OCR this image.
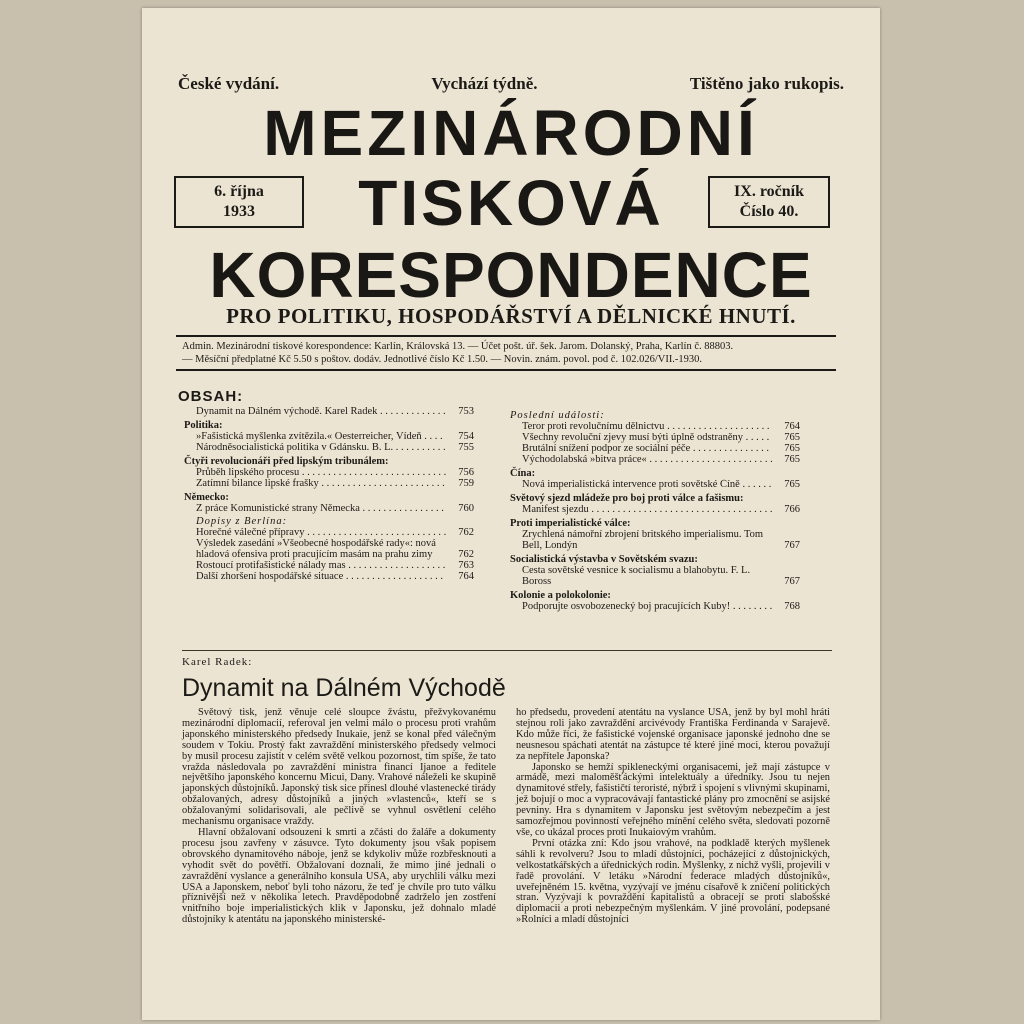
České vydání.	Vychází týdně.	Tištěno jako rukopis.
MEZINÁRODNÍ
TISKOVÁ
KORESPONDENCE
6. října
1933
IX. ročník
Číslo 40.
PRO POLITIKU, HOSPODÁŘSTVÍ A DĚLNICKÉ HNUTÍ.
Admin. Mezinárodní tiskové korespondence: Karlín, Královská 13. — Účet pošt. úř. šek. Jarom. Dolanský, Praha, Karlín č. 88803.
— Měsíční předplatné Kč 5.50 s poštov. dodáv. Jednotlivé číslo Kč 1.50. — Novin. znám. povol. pod č. 102.026/VII.-1930.
OBSAH:
Dynamit na Dálném východě. Karel Radek . . .	753
Politika:
»Fašistická myšlenka zvítězila.« Oesterreicher, Vídeň . . .	754
Národněsocialistická politika v Gdánsku. B. L. . . .	755
Čtyři revolucionáři před lipským tribunálem:
Průběh lipského procesu . . .	756
Zatímní bilance lipské frašky . . .	759
Německo:
Z práce Komunistické strany Německa . . .	760
Dopisy z Berlína:
Horečné válečné přípravy . . .	762
Výsledek zasedání »Všeobecné hospodářské rady«: nová hladová ofensiva proti pracujícím masám na prahu zimy	762
Rostoucí protifašistické nálady mas . . .	763
Další zhoršení hospodářské situace . . .	764
Poslední události:
Teror proti revolučnímu dělnictvu . . .	764
Všechny revoluční zjevy musí býti úplně odstraněny . . .	765
Brutální snížení podpor ze sociální péče . . .	765
Východolabská »bitva práce« . . .	765
Čína:
Nová imperialistická intervence proti sovětské Číně . . .	765
Světový sjezd mládeže pro boj proti válce a fašismu:
Manifest sjezdu . . .	766
Proti imperialistické válce:
Zrychlená námořní zbrojení britského imperialismu. Tom Bell, Londýn	767
Socialistická výstavba v Sovětském svazu:
Cesta sovětské vesnice k socialismu a blahobytu. F. L. Boross	767
Kolonie a polokolonie:
Podporujte osvobozenecký boj pracujících Kuby! . . .	768
Karel Radek:
Dynamit na Dálném Východě

Světový tisk, jenž věnuje celé sloupce žvástu, přežvykovanému mezinárodní diplomacií, referoval jen velmi málo o procesu proti vrahům japonského ministerského předsedy Inukaie, jenž se konal před válečným soudem v Tokiu. Prostý fakt zavraždění ministerského předsedy velmoci by musil procesu zajistit v celém světě velkou pozornost, tím spíše, že tato vražda následovala po zavraždění ministra financí Ijanoe a ředitele největšího japonského koncernu Micui, Dany. Vrahové náleželi ke skupině japonských důstojníků. Japonský tisk sice přinesl dlouhé vlastenecké tirády obžalovaných, adresy důstojníků a jiných »vlastenců«, kteří se s obžalovanými solidarisovali, ale pečlivě se vyhnul osvětlení celého mechanismu organisace vraždy.

Hlavní obžalovaní odsouzeni k smrti a zčásti do žaláře a dokumenty procesu jsou zavřeny v zásuvce. Tyto dokumenty jsou však popisem obrovského dynamitového náboje, jenž se kdykoliv může rozbřesknouti a vyhodit svět do povětří. Obžalovaní doznali, že mimo jiné jednali o zavraždění vyslance a generálního konsula USA, aby urychlili válku mezi USA a Japonskem, neboť byli toho názoru, že teď je chvíle pro tuto válku příznivější než v několika letech. Pravděpodobně zadrželo jen zostření vnitřního boje imperialistických klik v Japonsku, jež dohnalo mladé důstojníky k atentátu na japonského ministerské-

ho předsedu, provedení atentátu na vyslance USA, jenž by byl mohl hráti stejnou roli jako zavraždění arcivévody Františka Ferdinanda v Sarajevě. Kdo může říci, že fašistické vojenské organisace japonské jednoho dne se neusnesou spáchati atentát na zástupce té které jiné moci, kterou považují za nepřítele Japonska?

Japonsko se hemží spikleneckými organisacemi, jež mají zástupce v armádě, mezi maloměšťáckými intelektuály a úředníky. Jsou tu nejen dynamitové střely, fašističtí teroristé, nýbrž i spojení s vlivnými skupinami, jež bojují o moc a vypracovávají fantastické plány pro zmocnění se asijské pevniny. Hra s dynamitem v Japonsku jest světovým nebezpečím a jest samozřejmou povinností veřejného mínění celého světa, sledovati pozorně vše, co ukázal proces proti Inukaiovým vrahům.

První otázka zní: Kdo jsou vrahové, na podkladě kterých myšlenek sáhli k revolveru? Jsou to mladí důstojníci, pocházející z důstojnických, velkostatkářských a úřednických rodin. Myšlenky, z nichž vyšli, projevili v řadě provolání. V letáku »Národní federace mladých důstojníků«, uveřejněném 15. května, vyzývají ve jménu císařově k zničení politických stran. Vyzývají k povraždění kapitalistů a obracejí se proti slabošské diplomacii a proti nebezpečným myšlenkám. V jiné provolání, podepsané »Rolníci a mladí důstojníci
